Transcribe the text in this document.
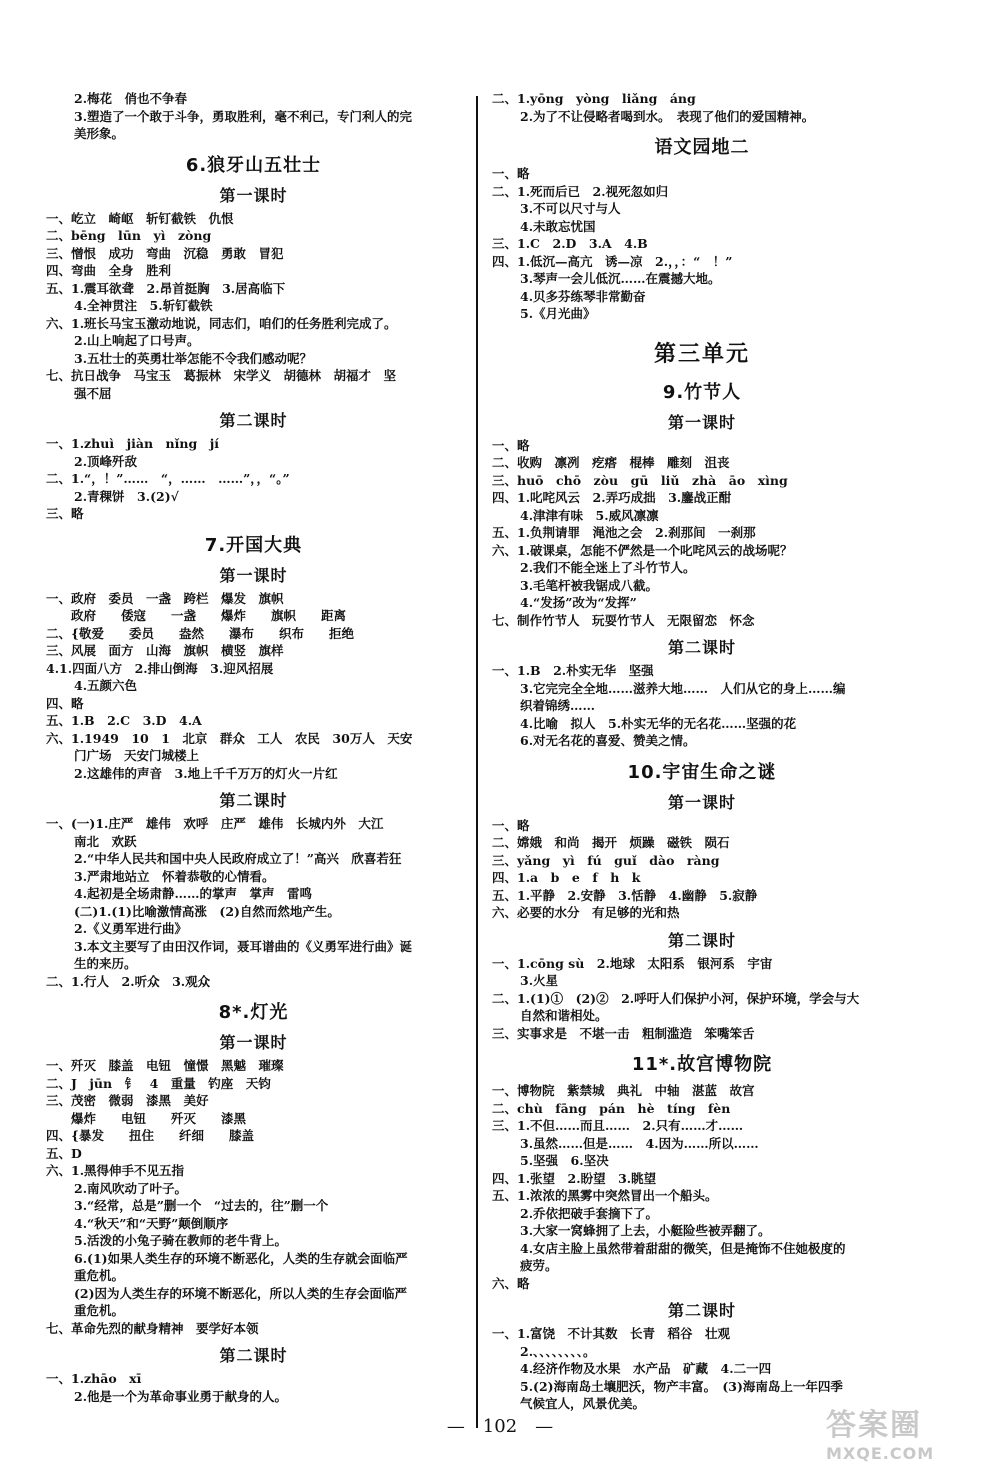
2.梅花　俏也不争春
3.塑造了一个敢于斗争，勇取胜利，毫不利己，专门利人的完
美形象。
6.狼牙山五壮士
第一课时
一、屹立　崎岖　斩钉截铁　仇恨
二、bēng　lūn　yì　zòng
三、憎恨　成功　弯曲　沉稳　勇敢　冒犯
四、弯曲　全身　胜利
五、1.震耳欲聋　2.昂首挺胸　3.居高临下
4.全神贯注　5.斩钉截铁
六、1.班长马宝玉激动地说，同志们，咱们的任务胜利完成了。
2.山上响起了口号声。
3.五壮士的英勇壮举怎能不令我们感动呢？
七、抗日战争　马宝玉　葛振林　宋学义　胡德林　胡福才　坚
强不屈
第二课时
一、1.zhuì　jiàn　nǐng　jí
2.顶峰歼敌
二、1.“，！”……　“，……　……”，，“。”
2.青稞饼　3.(2)√
三、略
7.开国大典
第一课时
一、政府　委员　一盏　跨栏　爆发　旗帜
　　政府　　倭寇　　一盏　　爆炸　　旗帜　　距离
二、{敬爱　　委员　　盎然　　瀑布　　织布　　拒绝
三、风展　面方　山海　旗帜　横竖　旗样
4.1.四面八方　2.排山倒海　3.迎风招展
4.五颜六色
四、略
五、1.B　2.C　3.D　4.A
六、1.1949　10　1　北京　群众　工人　农民　30万人　天安
门广场　天安门城楼上
2.这雄伟的声音　3.地上千千万万的灯火一片红
第二课时
一、(一)1.庄严　雄伟　欢呼　庄严　雄伟　长城内外　大江
南北　欢跃
2.“中华人民共和国中央人民政府成立了！”高兴　欣喜若狂
3.严肃地站立　怀着恭敬的心情看。
4.起初是全场肃静……的掌声　掌声　雷鸣
(二)1.(1)比喻激情高涨　(2)自然而然地产生。
2.《义勇军进行曲》
3.本文主要写了由田汉作词，聂耳谱曲的《义勇军进行曲》诞
生的来历。
二、1.行人　2.听众　3.观众
8*.灯光
第一课时
一、歼灭　膝盖　电钮　憧憬　黑魆　璀璨
二、J　jūn　钅　4　重量　钓座　天钧
三、茂密　微弱　漆黑　美好
　　爆炸　　电钮　　歼灭　　漆黑
四、{暴发　　扭住　　纤细　　膝盖
五、D
六、1.黑得伸手不见五指
2.南风吹动了叶子。
3.“经常，总是”删一个　“过去的，往”删一个
4.“秋天”和“天野”颠倒顺序
5.活泼的小兔子骑在教师的老牛背上。
6.(1)如果人类生存的环境不断恶化，人类的生存就会面临严
重危机。
(2)因为人类生存的环境不断恶化，所以人类的生存会面临严
重危机。
七、革命先烈的献身精神　要学好本领
第二课时
一、1.zhāo　xī
2.他是一个为革命事业勇于献身的人。
二、1.yōng　yòng　liǎng　áng
2.为了不让侵略者喝到水。　表现了他们的爱国精神。
语文园地二
一、略
二、1.死而后已　2.视死忽如归
3.不可以尺寸与人
4.未敢忘忧国
三、1.C　2.D　3.A　4.B
四、1.低沉—高亢　诱—凉　2.，，：“　！”
3.琴声一会儿低沉……在震撼大地。
4.贝多芬练琴非常勤奋
5.《月光曲》
第三单元
9.竹节人
第一课时
一、略
二、收购　凛冽　疙瘩　棍棒　雕刻　沮丧
三、huō　chō　zòu　gū　liǔ　zhà　āo　xìng
四、1.叱咤风云　2.弄巧成拙　3.鏖战正酣
4.津津有味　5.威风凛凛
五、1.负荆请罪　渑池之会　2.刹那间　一刹那
六、1.破课桌，怎能不俨然是一个叱咤风云的战场呢？
2.我们不能全迷上了斗竹节人。
3.毛笔杆被我锯成八截。
4.“发扬”改为“发挥”
七、制作竹节人　玩耍竹节人　无限留恋　怀念
第二课时
一、1.B　2.朴实无华　坚强
3.它完完全全地……滋养大地……　人们从它的身上……编
织着锦绣……
4.比喻　拟人　5.朴实无华的无名花……坚强的花
6.对无名花的喜爱、赞美之情。
10.宇宙生命之谜
第一课时
一、略
二、嫦娥　和尚　揭开　烦躁　磁铁　陨石
三、yǎng　yì　fú　guǐ　dào　ràng
四、1.a　b　e　f　h　k
五、1.平静　2.安静　3.恬静　4.幽静　5.寂静
六、必要的水分　有足够的光和热
第二课时
一、1.cōng sù　2.地球　太阳系　银河系　宇宙
3.火星
二、1.(1)①　(2)②　2.呼吁人们保护小河，保护环境，学会与大
自然和谐相处。
三、实事求是　不堪一击　粗制滥造　笨嘴笨舌
11*.故宫博物院
一、博物院　紫禁城　典礼　中轴　湛蓝　故宫
二、chù　fāng　pán　hè　tíng　fèn
三、1.不但……而且……　2.只有……才……
3.虽然……但是……　4.因为……所以……
5.坚强　6.坚决
四、1.张望　2.盼望　3.眺望
五、1.浓浓的黑雾中突然冒出一个船头。
2.乔依把破手套摘下了。
3.大家一窝蜂拥了上去，小艇险些被弄翻了。
4.女店主脸上虽然带着甜甜的微笑，但是掩饰不住她极度的
疲劳。
六、略
第二课时
一、1.富饶　不计其数　长青　稻谷　壮观
2.、、、、、、、、。
4.经济作物及水果　水产品　矿藏　4.二一四
5.(2)海南岛土壤肥沃，物产丰富。　(3)海南岛上一年四季
气候宜人，风景优美。
—　102　—	答案圈
MXQE.COM
